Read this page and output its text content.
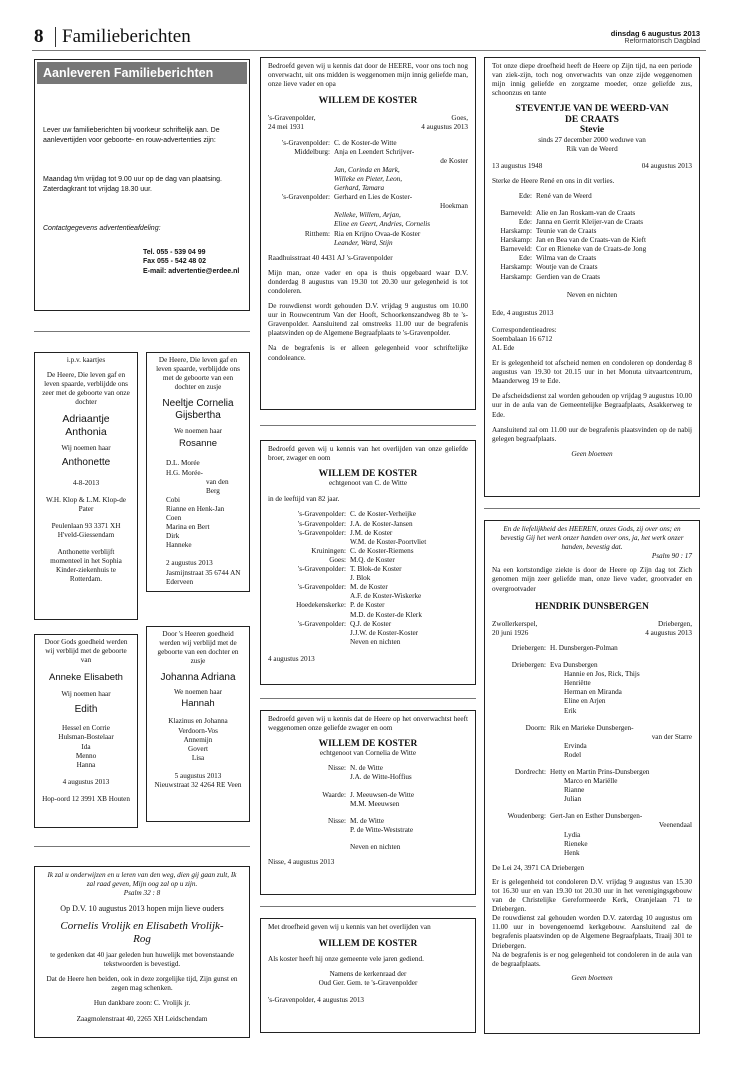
8 Familieberichten	dinsdag 6 augustus 2013
Reformatorisch Dagblad
Aanleveren Familieberichten

Lever uw familieberichten bij voorkeur schriftelijk aan. De aanlevertijden voor geboorte- en rouw-advertenties zijn:

Maandag t/m vrijdag tot 9.00 uur op de dag van plaatsing. Zaterdagkrant tot vrijdag 18.30 uur.

Contactgegevens advertentieafdeling:

Tel. 055 - 539 04 99

Fax 055 - 542 48 02

E-mail: advertentie@erdee.nl

i.p.v. kaartjes

De Heere, Die leven gaf en leven spaarde, verblijdde ons zeer met de geboorte van onze dochter

Adriaantje Anthonia

Wij noemen haar

Anthonette

4-8-2013

W.H. Klop & L.M. Klop-de Pater

Peulenlaan 93 3371 XH H'veld-Giessendam

Anthonette verblijft momenteel in het Sophia Kinder-ziekenhuis te Rotterdam.

De Heere, Die leven gaf en leven spaarde, verblijdde ons met de geboorte van een dochter en zusje

Neeltje Cornelia Gijsbertha

We noemen haar

Rosanne

D.L. Morée

H.G. Morée-

van den Berg

Cobi

Rianne en Henk-Jan

Coen

Marina en Bert

Dirk

Hanneke

2 augustus 2013

Jasmijnstraat 35 6744 AN Ederveen

Door Gods goedheid werden wij verblijd met de geboorte van

Anneke Elisabeth

Wij noemen haar

Edith

Hessel en Corrie

Hulsman-Bostelaar

Ida

Menno

Hanna

4 augustus 2013

Hop-oord 12 3991 XB Houten

Door 's Heeren goedheid werden wij verblijd met de geboorte van een dochter en zusje

Johanna Adriana

We noemen haar

Hannah

Klazinus en Johanna

Verdoorn-Vos

Annemijn

Govert

Lisa

5 augustus 2013

Nieuwstraat 32 4264 RE Veen

Ik zal u onderwijzen en u leren van den weg, dien gij gaan zult, Ik zal raad geven, Mijn oog zal op u zijn.

Psalm 32 : 8

Op D.V. 10 augustus 2013 hopen mijn lieve ouders

Cornelis Vrolijk en Elisabeth Vrolijk-Rog

te gedenken dat 40 jaar geleden hun huwelijk met bovenstaande tekstwoorden is bevestigd.

Dat de Heere hen beiden, ook in deze zorgelijke tijd, Zijn gunst en zegen mag schenken.

Hun dankbare zoon: C. Vrolijk jr.

Zaagmolenstraat 40, 2265 XH Leidschendam

Bedroefd geven wij u kennis dat door de HEERE, voor ons toch nog onverwacht, uit ons midden is weggenomen mijn innig geliefde man, onze lieve vader en opa

WILLEM DE KOSTER

's-Gravenpolder,	Goes,
24 mei 1931	4 augustus 2013
's-Gravenpolder: C. de Koster-de Witte
Middelburg: Anja en Leendert Schrijver-
de Koster
Jan, Corinda en Mark,
Willeke en Pieter, Leon,
Gerhard, Tamara
's-Gravenpolder: Gerhard en Lies de Koster-
Hoekman
Nelleke, Willem, Arjan,
Eline en Geert, Andries, Cornelis
Ritthem: Ria en Krijno Ovaa-de Koster
Leander, Ward, Stijn

Raadhuisstraat 40 4431 AJ 's-Gravenpolder

Mijn man, onze vader en opa is thuis opgebaard waar D.V. donderdag 8 augustus van 19.30 tot 20.30 uur gelegenheid is tot condoleren.

De rouwdienst wordt gehouden D.V. vrijdag 9 augustus om 10.00 uur in Rouwcentrum Van der Hooft, Schoorkenszandweg 8b te 's-Gravenpolder. Aansluitend zal omstreeks 11.00 uur de begrafenis plaatsvinden op de Algemene Begraafplaats te 's-Gravenpolder.

Na de begrafenis is er alleen gelegenheid voor schriftelijke condoleance.

Bedroefd geven wij u kennis van het overlijden van onze geliefde broer, zwager en oom

WILLEM DE KOSTER

echtgenoot van C. de Witte

in de leeftijd van 82 jaar.

's-Gravenpolder: C. de Koster-Verheijke
's-Gravenpolder: J.A. de Koster-Jansen
's-Gravenpolder: J.M. de Koster
W.M. de Koster-Poortvliet
Kruiningen: C. de Koster-Riemens
Goes: M.Q. de Koster
's-Gravenpolder: T. Blok-de Koster
J. Blok
's-Gravenpolder: M. de Koster
A.F. de Koster-Wiskerke
Hoedekenskerke: P. de Koster
M.D. de Koster-de Klerk
's-Gravenpolder: Q.J. de Koster
J.J.W. de Koster-Koster
Neven en nichten

4 augustus 2013

Bedroefd geven wij u kennis dat de Heere op het onverwachtst heeft weggenomen onze geliefde zwager en oom

WILLEM DE KOSTER

echtgenoot van Cornelia de Witte

Nisse: N. de Witte
J.A. de Witte-Hoffius
Waarde: J. Meeuwsen-de Witte
M.M. Meeuwsen
Nisse: M. de Witte
P. de Witte-Weststrate
Neven en nichten

Nisse, 4 augustus 2013

Met droefheid geven wij u kennis van het overlijden van

WILLEM DE KOSTER

Als koster heeft hij onze gemeente vele jaren gediend.

Namens de kerkenraad der

Oud Ger. Gem. te 's-Gravenpolder

's-Gravenpolder, 4 augustus 2013

Tot onze diepe droefheid heeft de Heere op Zijn tijd, na een periode van ziek-zijn, toch nog onverwachts van onze zijde weggenomen mijn innig geliefde en zorgzame moeder, onze geliefde zus, schoonzus en tante

STEVENTJE VAN DE WEERD-VAN DE CRAATS

Stevie

sinds 27 december 2000 weduwe van

Rik van de Weerd

13 augustus 1948	04 augustus 2013

Sterke de Heere René en ons in dit verlies.

Ede: René van de Weerd
Barneveld: Alie en Jan Roskam-van de Craats
Ede: Janna en Gerrit Kleijer-van de Craats
Harskamp: Teunie van de Craats
Harskamp: Jan en Bea van de Craats-van de Kieft
Barneveld: Cor en Rieneke van de Craats-de Jong
Ede: Wilma van de Craats
Harskamp: Woutje van de Craats
Harskamp: Gerdien van de Craats

Neven en nichten

Ede, 4 augustus 2013

Correspondentieadres:

Soembalaan 16 6712 AL Ede

Er is gelegenheid tot afscheid nemen en condoleren op donderdag 8 augustus van 19.30 tot 20.15 uur in het Monuta uitvaartcentrum, Maanderweg 19 te Ede.

De afscheidsdienst zal worden gehouden op vrijdag 9 augustus 10.00 uur in de aula van de Gemeentelijke Begraafplaats, Asakkerweg te Ede.

Aansluitend zal om 11.00 uur de begrafenis plaatsvinden op de nabij gelegen begraafplaats.

Geen bloemen

En de liefelijkheid des HEEREN, onzes Gods, zij over ons; en bevestig Gij het werk onzer handen over ons, ja, het werk onzer handen, bevestig dat.

Psalm 90 : 17

Na een kortstondige ziekte is door de Heere op Zijn dag tot Zich genomen mijn zeer geliefde man, onze lieve vader, grootvader en overgrootvader

HENDRIK DUNSBERGEN

Zwollerkerspel,	Driebergen,
20 juni 1926	4 augustus 2013
Driebergen: H. Dunsbergen-Polman
Driebergen: Eva Dunsbergen
Hannie en Jos, Rick, Thijs
Henriëtte
Herman en Miranda
Eline en Arjen
Erik
Doorn: Rik en Marieke Dunsbergen-
van der Starre
Ervinda
Rodel
Dordrecht: Hetty en Martin Prins-Dunsbergen
Marco en Mariëlle
Rianne
Julian
Woudenberg: Gert-Jan en Esther Dunsbergen-
Veenendaal
Lydia
Rieneke
Henk

De Lei 24, 3971 CA Driebergen

Er is gelegenheid tot condoleren D.V. vrijdag 9 augustus van 15.30 tot 16.30 uur en van 19.30 tot 20.30 uur in het verenigingsgebouw van de Christelijke Gereformeerde Kerk, Oranjelaan 71 te Driebergen.

De rouwdienst zal gehouden worden D.V. zaterdag 10 augustus om 11.00 uur in bovengenoemd kerkgebouw. Aansluitend zal de begrafenis plaatsvinden op de Algemene Begraafplaats, Traaij 301 te Driebergen.

Na de begrafenis is er nog gelegenheid tot condoleren in de aula van de begraafplaats.

Geen bloemen
